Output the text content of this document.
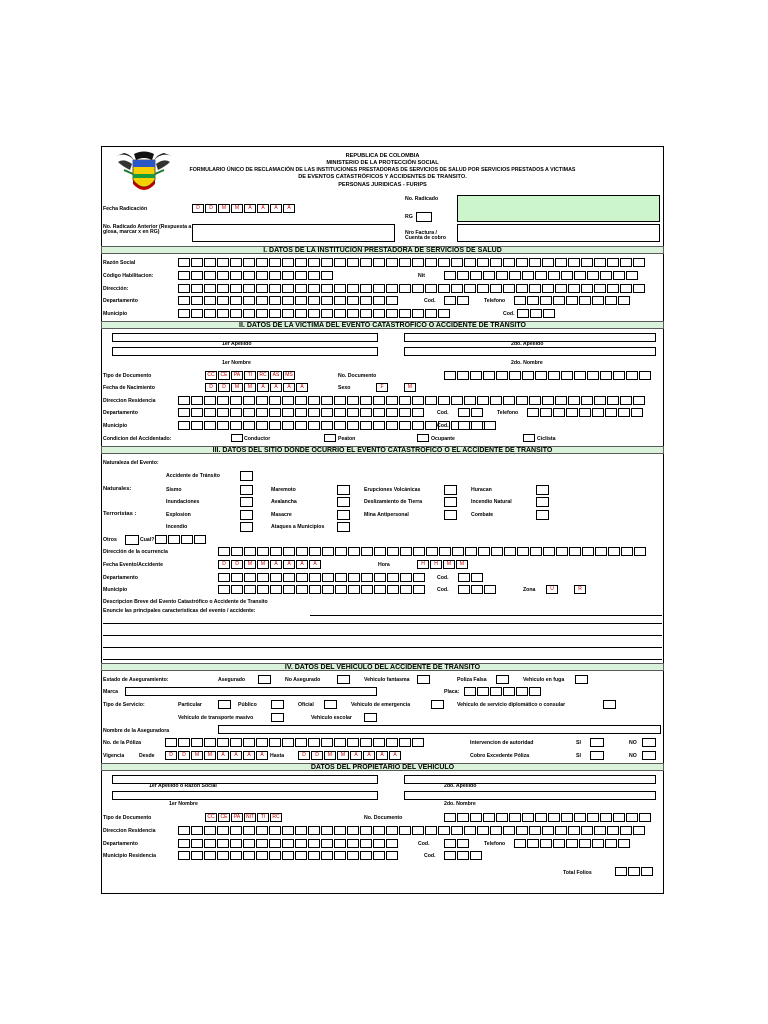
REPUBLICA DE COLOMBIA
MINISTERIO DE LA PROTECCIÓN SOCIAL
FORMULARIO ÚNICO DE RECLAMACIÓN DE LAS INSTITUCIONES PRESTADORAS DE SERVICIOS DE SALUD POR SERVICIOS PRESTADOS A VICTIMAS
DE EVENTOS CATASTRÓFICOS Y ACCIDENTES DE TRANSITO.
PERSONAS JURIDICAS - FURIPS
No. Radicado
Fecha Radicación	D	D	M	M	A	A	A	A
RG
No. Radicado Anterior (Respuesta a glosa, marcar x en RG)	Nro Factura / Cuenta de cobro
I. DATOS DE LA INSTITUCION PRESTADORA DE SERVICIOS DE SALUD
Razón Social
Código Habilitacion:	Nit
Dirección:
Departamento	Cod.	Telefono
Municipio	Cod.
II. DATOS DE LA VICTIMA DEL EVENTO CATASTROFICO O ACCIDENTE DE TRANSITO
1er Apellido	2do. Apellido
1er Nombre	2do. Nombre
Tipo de Documento	CC	CE	PA	TI	RC	AS	MS	No. Documento
Fecha de Nacimiento	D	D	M	M	A	A	A	A	Sexo	F	M
Direccion Residencia
Departamento	Cod.	Telefono
Municipio	Cod.
Condicion del Accidentado:	Conductor	Peaton	Ocupante	Ciclista
III. DATOS DEL SITIO DONDE OCURRIO EL EVENTO CATASTROFICO O EL ACCIDENTE DE TRANSITO
Naturaleza del Evento:
Accidente de Tránsito
Naturales:	Sismo	Maremoto	Erupciones Volcánicas	Huracan
Inundaciones	Avalancha	Deslizamiento de Tierra	Incendio Natural
Terroristas :	Explosion	Masacre	Mina Antipersonal	Combate
Incendio	Ataques a Municipios
Otros	Cual?
Dirección de la ocurrencia
Fecha Evento/Accidente	D	D	M	M	A	A	A	A	Hora	H	H	M	M
Departamento	Cod.
Municipio	Cod.	Zona	U	R
Descripcion Breve del Evento Catastrófico o Accidente de Transito
Enuncie las principales caracteristicas del evento / accidente:
IV. DATOS DEL VEHICULO DEL ACCIDENTE DE TRANSITO
Estado de Aseguramiento:	Asegurado	No Asegurado	Vehiculo fantasma	Poliza Falsa	Vehiculo en fuga
Marca	Placa:
Tipo de Servicio:	Particular	Público	Oficial	Vehiculo de emergencia	Vehiculo de servicio diplomático o consular
Vehiculo de transporte masivo	Vehiculo escolar
Nombre de la Aseguradora
No. de la Póliza	Intervencion de autoridad	SI	NO
Vigencia	Desde	D	D	M	M	A	A	A	A	Hasta	D	D	M	M	A	A	A	A	Cobro Excedente Póliza	SI	NO
DATOS DEL PROPIETARIO DEL VEHICULO
1er Apellido o Razon Social	2do. Apellido
1er Nombre	2do. Nombre
Tipo de Documento	CC	CE	PA	NIT	TI	RC	No. Documento
Direccion Residencia
Departamento	Cod.	Telefono
Municipio Residencia	Cod.
Total Folios
